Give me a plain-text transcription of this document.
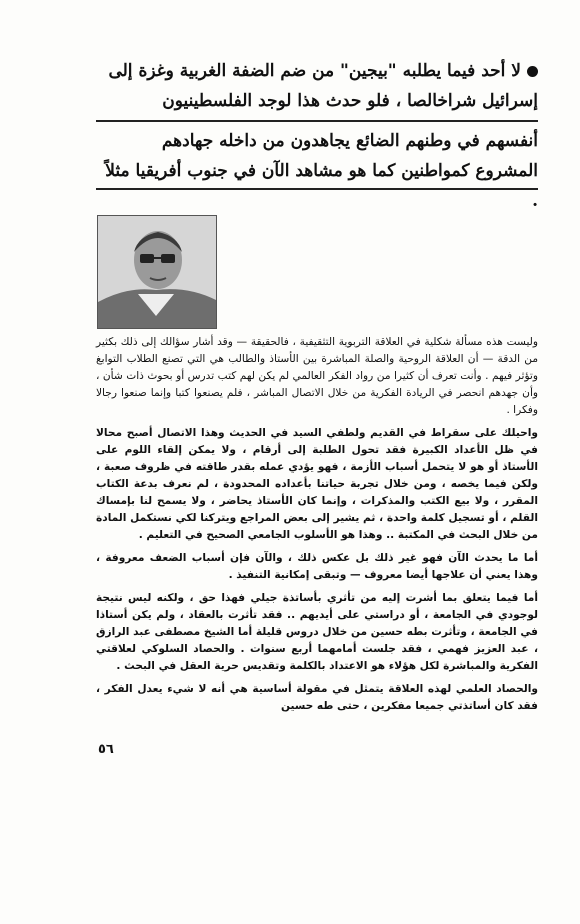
لا أحد فيما يطلبه "بيجين" من ضم الضفة الغربية وغزة إلى إسرائيل شراخالصا ، فلو حدث هذا لوجد الفلسطينيون
أنفسهم في وطنهم الضائع يجاهدون من داخله جهادهم المشروع كمواطنين كما هو مشاهد الآن في جنوب أفريقيا مثلاً .

وليست هذه مسألة شكلية في العلاقة التربوية التثقيفية ، فالحقيقة — وقد أشار سؤالك إلى ذلك بكثير من الدقة — أن العلاقة الروحية والصلة المباشرة بين الأستاذ والطالب هي التي تصنع الطلاب التوابغ وتؤثر فيهم . وأنت تعرف أن كثيرا من رواد الفكر العالمي لم يكن لهم كتب تدرس أو بحوث ذات شأن ، وأن جهدهم انحصر في الريادة الفكرية من خلال الاتصال المباشر ، فلم يصنعوا كتبا وإنما صنعوا رجالا وفكرا .

واحيلك على سقراط في القديم ولطفي السيد في الحديث وهذا الاتصال أصبح محالا في ظل الأعداد الكبيرة فقد تحول الطلبة إلى أرقام ، ولا يمكن إلقاء اللوم على الأستاذ أو هو لا يتحمل أسباب الأزمة ، فهو يؤدي عمله بقدر طاقته في ظروف صعبة ، ولكن فيما يخصه ، ومن خلال تجربة حياتنا بأعداده المحدودة ، لم نعرف بدعة الكتاب المقرر ، ولا بيع الكتب والمذكرات ، وإنما كان الأستاذ يحاضر ، ولا يسمح لنا بإمساك القلم ، أو تسجيل كلمة واحدة ، ثم يشير إلى بعض المراجع ويتركنا لكي نستكمل المادة من خلال البحث في المكتبة .. وهذا هو الأسلوب الجامعي الصحيح في التعليم .

أما ما يحدث الآن فهو غير ذلك بل عكس ذلك ، والآن فإن أسباب الضعف معروفة ، وهذا يعني أن علاجها أيضا معروف — وتبقى إمكانية التنفيذ .

أما فيما يتعلق بما أشرت إليه من تأثري بأساتذة جيلي فهذا حق ، ولكنه ليس نتيجة لوجودي في الجامعة ، أو دراستي على أيديهم .. فقد تأثرت بالعقاد ، ولم يكن أستاذا في الجامعة ، وتأثرت بطه حسين من خلال دروس قليلة أما الشيخ مصطفى عبد الرازق ، عبد العزيز فهمي ، فقد جلست أمامهما أربع سنوات . والحصاد السلوكي لعلاقتي الفكرية والمباشرة لكل هؤلاء هو الاعتداد بالكلمة وتقديس حرية العقل في البحث .

والحصاد العلمي لهذه العلاقة يتمثل في مقولة أساسية هي أنه لا شيء يعدل الفكر ، فقد كان أساتذتي جميعا مفكرين ، حتى طه حسين

٥٦
